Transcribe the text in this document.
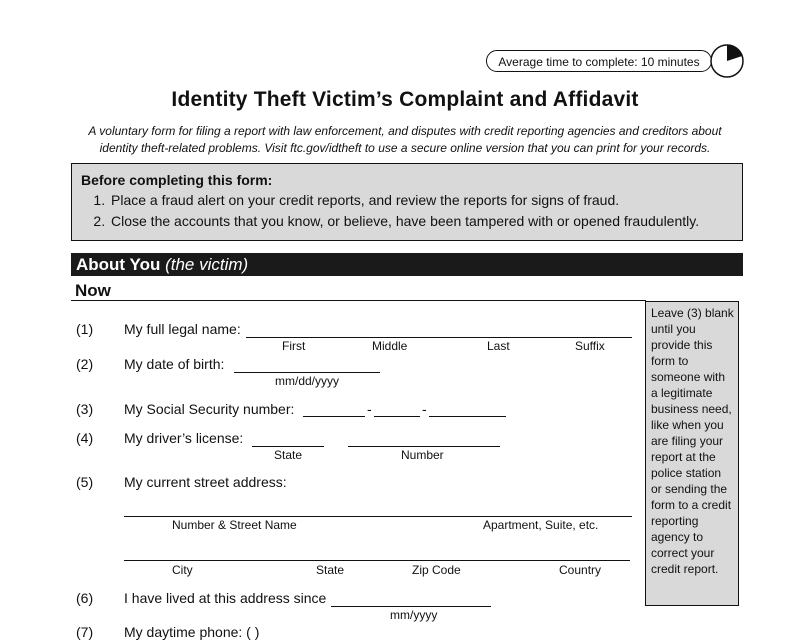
Average time to complete: 10 minutes
Identity Theft Victim’s Complaint and Affidavit
A voluntary form for filing a report with law enforcement, and disputes with credit reporting agencies and creditors about
identity theft-related problems. Visit ftc.gov/idtheft to use a secure online version that you can print for your records.
Before completing this form:
1. Place a fraud alert on your credit reports, and review the reports for signs of fraud.
2. Close the accounts that you know, or believe, have been tampered with or opened fraudulently.
About You (the victim)
Now
Leave (3) blank until you provide this form to someone with a legitimate business need, like when you are filing your report at the police station or sending the form to a credit reporting agency to correct your credit report.
(1) My full legal name:
First	Middle	Last	Suffix
(2) My date of birth:
mm/dd/yyyy
(3) My Social Security number:	-	-
(4) My driver’s license:
State	Number
(5) My current street address:
Number & Street Name	Apartment, Suite, etc.
City	State	Zip Code	Country
(6) I have lived at this address since
mm/yyyy
(7) My daytime phone: ( )
